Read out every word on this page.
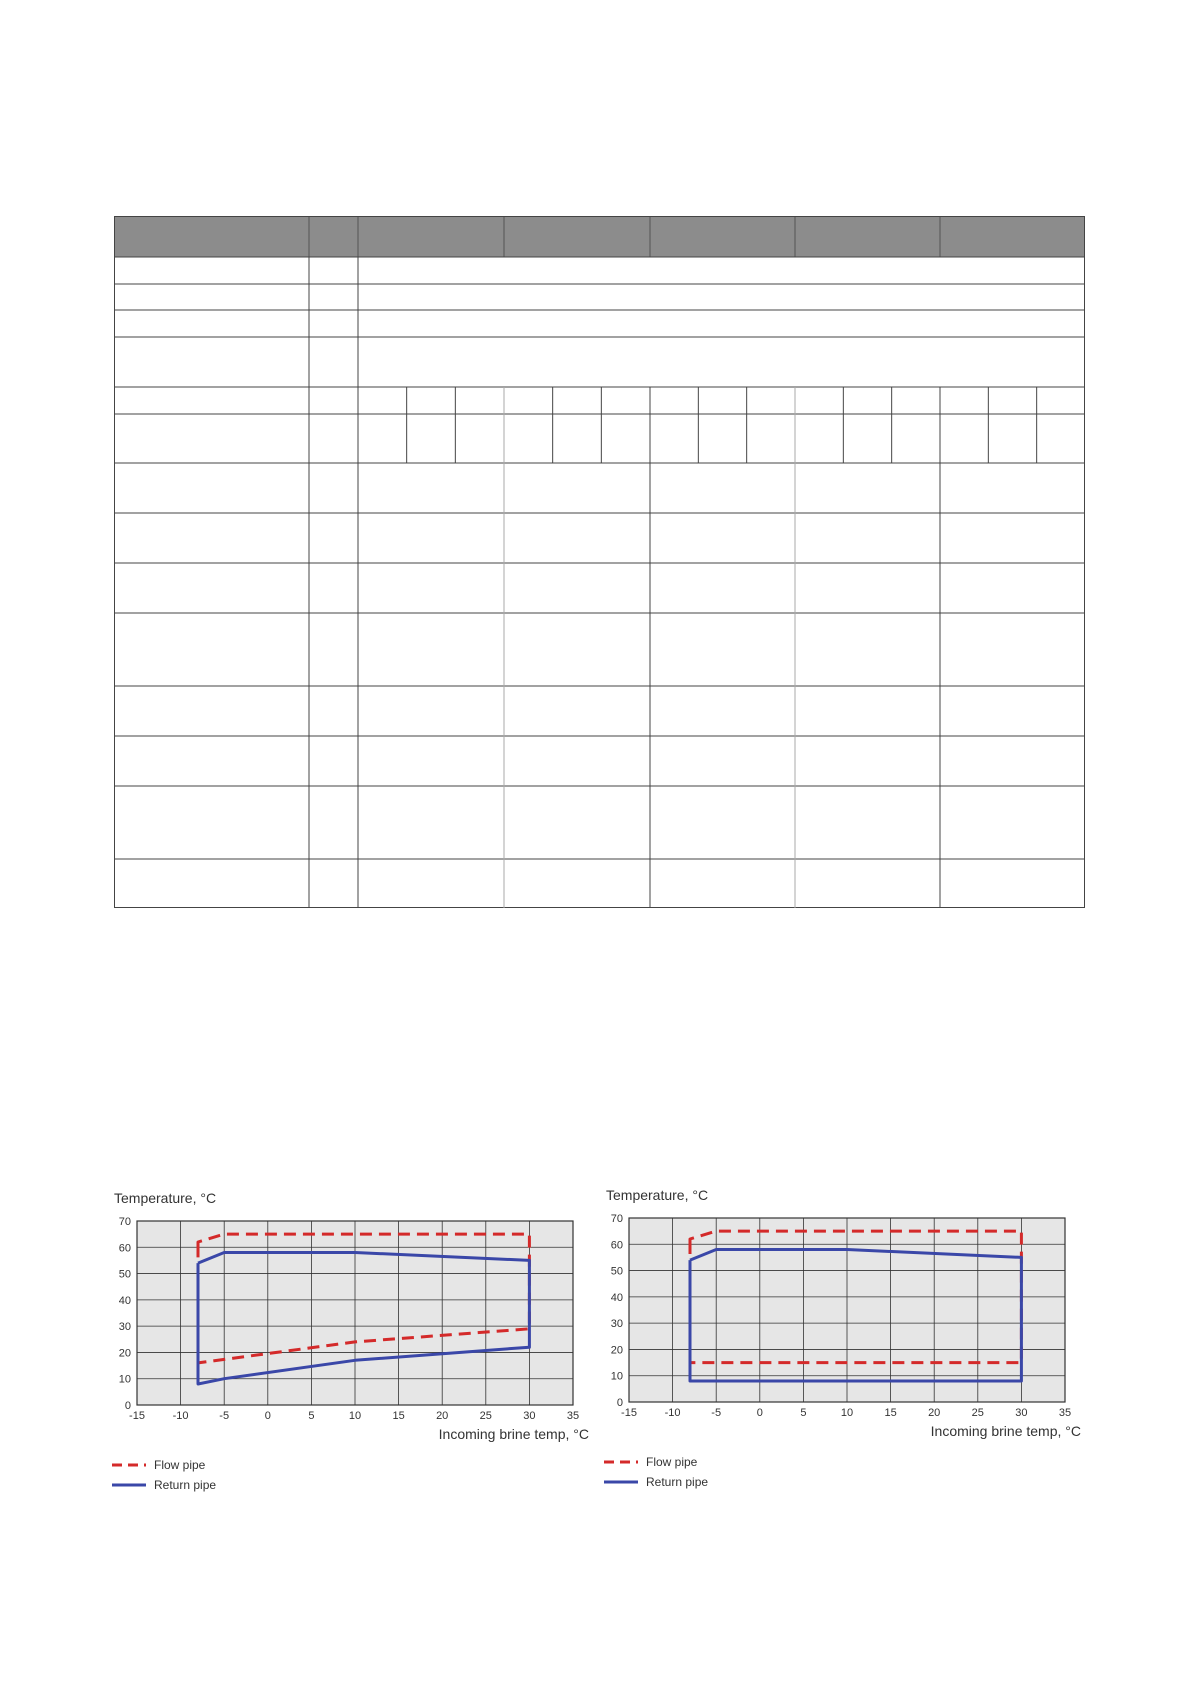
Temperature, °C
0
10
20
30
40
50
60
70
-15	-10	-5	0	5	10	15	20	25	30	35
Incoming brine temp, °C
Flow pipe
Return pipe
Temperature, °C
0
10
20
30
40
50
60
70
-15	-10	-5	0	5	10	15	20	25	30	35
Incoming brine temp, °C
Flow pipe
Return pipe
